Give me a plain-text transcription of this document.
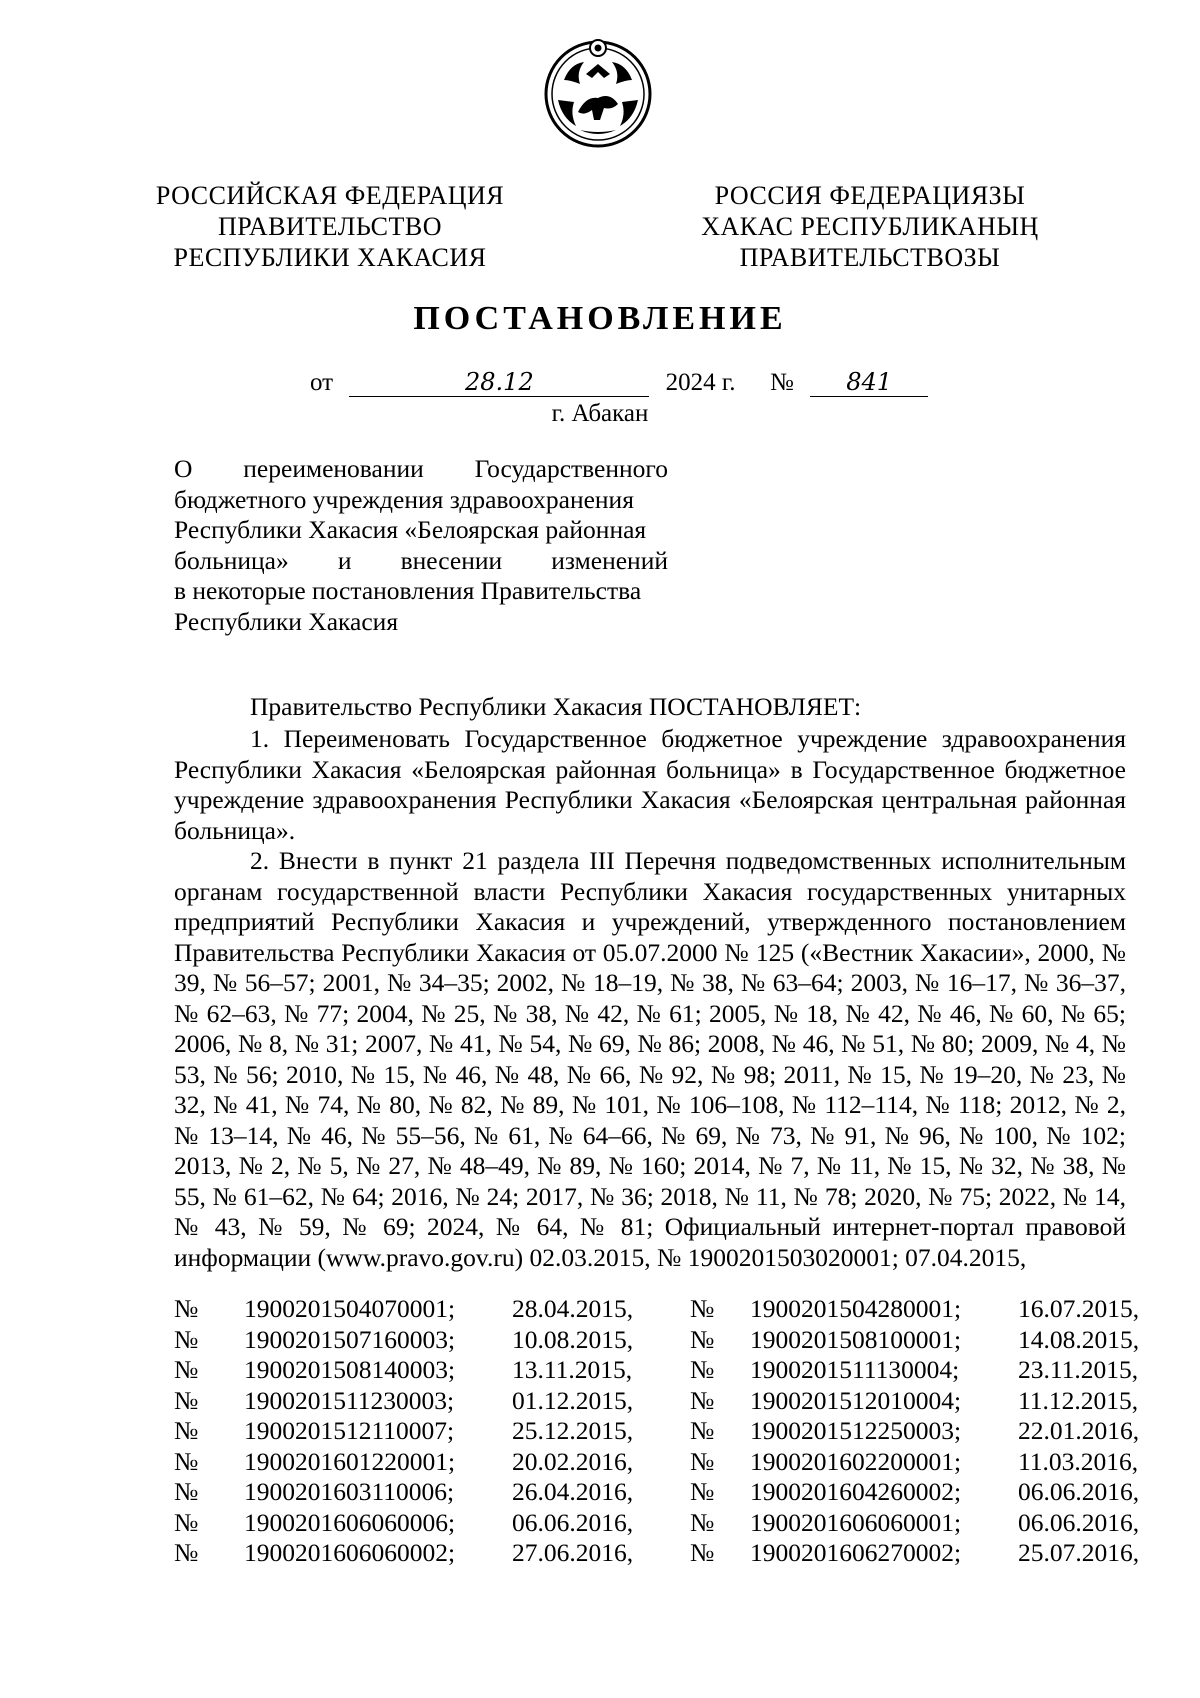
РОССИЙСКАЯ ФЕДЕРАЦИЯ
ПРАВИТЕЛЬСТВО
РЕСПУБЛИКИ ХАКАСИЯ
РОССИЯ ФЕДЕРАЦИЯЗЫ
ХАКАС РЕСПУБЛИКАНЫҢ
ПРАВИТЕЛЬСТВОЗЫ
ПОСТАНОВЛЕНИЕ
от	28.12	2024 г. № 841
г. Абакан
О переименовании Государственного
бюджетного учреждения здравоохранения
Республики Хакасия «Белоярская районная
больница» и внесении изменений
в некоторые постановления Правительства
Республики Хакасия
Правительство Республики Хакасия ПОСТАНОВЛЯЕТ:
1. Переименовать Государственное бюджетное учреждение здравоохранения Республики Хакасия «Белоярская районная больница» в Государственное бюджетное учреждение здравоохранения Республики Хакасия «Белоярская центральная районная больница».
2. Внести в пункт 21 раздела III Перечня подведомственных исполнительным органам государственной власти Республики Хакасия государственных унитарных предприятий Республики Хакасия и учреждений, утвержденного постановлением Правительства Республики Хакасия от 05.07.2000 № 125 («Вестник Хакасии», 2000, № 39, № 56–57; 2001, № 34–35; 2002, № 18–19, № 38, № 63–64; 2003, № 16–17, № 36–37, № 62–63, № 77; 2004, № 25, № 38, № 42, № 61; 2005, № 18, № 42, № 46, № 60, № 65; 2006, № 8, № 31; 2007, № 41, № 54, № 69, № 86; 2008, № 46, № 51, № 80; 2009, № 4, № 53, № 56; 2010, № 15, № 46, № 48, № 66, № 92, № 98; 2011, № 15, № 19–20, № 23, № 32, № 41, № 74, № 80, № 82, № 89, № 101, № 106–108, № 112–114, № 118; 2012, № 2, № 13–14, № 46, № 55–56, № 61, № 64–66, № 69, № 73, № 91, № 96, № 100, № 102; 2013, № 2, № 5, № 27, № 48–49, № 89, № 160; 2014, № 7, № 11, № 15, № 32, № 38, № 55, № 61–62, № 64; 2016, № 24; 2017, № 36; 2018, № 11, № 78; 2020, № 75; 2022, № 14, № 43, № 59, № 69; 2024, № 64, № 81; Официальный интернет-портал правовой информации (www.pravo.gov.ru) 02.03.2015, № 1900201503020001; 07.04.2015,
№	1900201504070001;	28.04.2015,	№	1900201504280001;	16.07.2015,
№	1900201507160003;	10.08.2015,	№	1900201508100001;	14.08.2015,
№	1900201508140003;	13.11.2015,	№	1900201511130004;	23.11.2015,
№	1900201511230003;	01.12.2015,	№	1900201512010004;	11.12.2015,
№	1900201512110007;	25.12.2015,	№	1900201512250003;	22.01.2016,
№	1900201601220001;	20.02.2016,	№	1900201602200001;	11.03.2016,
№	1900201603110006;	26.04.2016,	№	1900201604260002;	06.06.2016,
№	1900201606060006;	06.06.2016,	№	1900201606060001;	06.06.2016,
№	1900201606060002;	27.06.2016,	№	1900201606270002;	25.07.2016,
